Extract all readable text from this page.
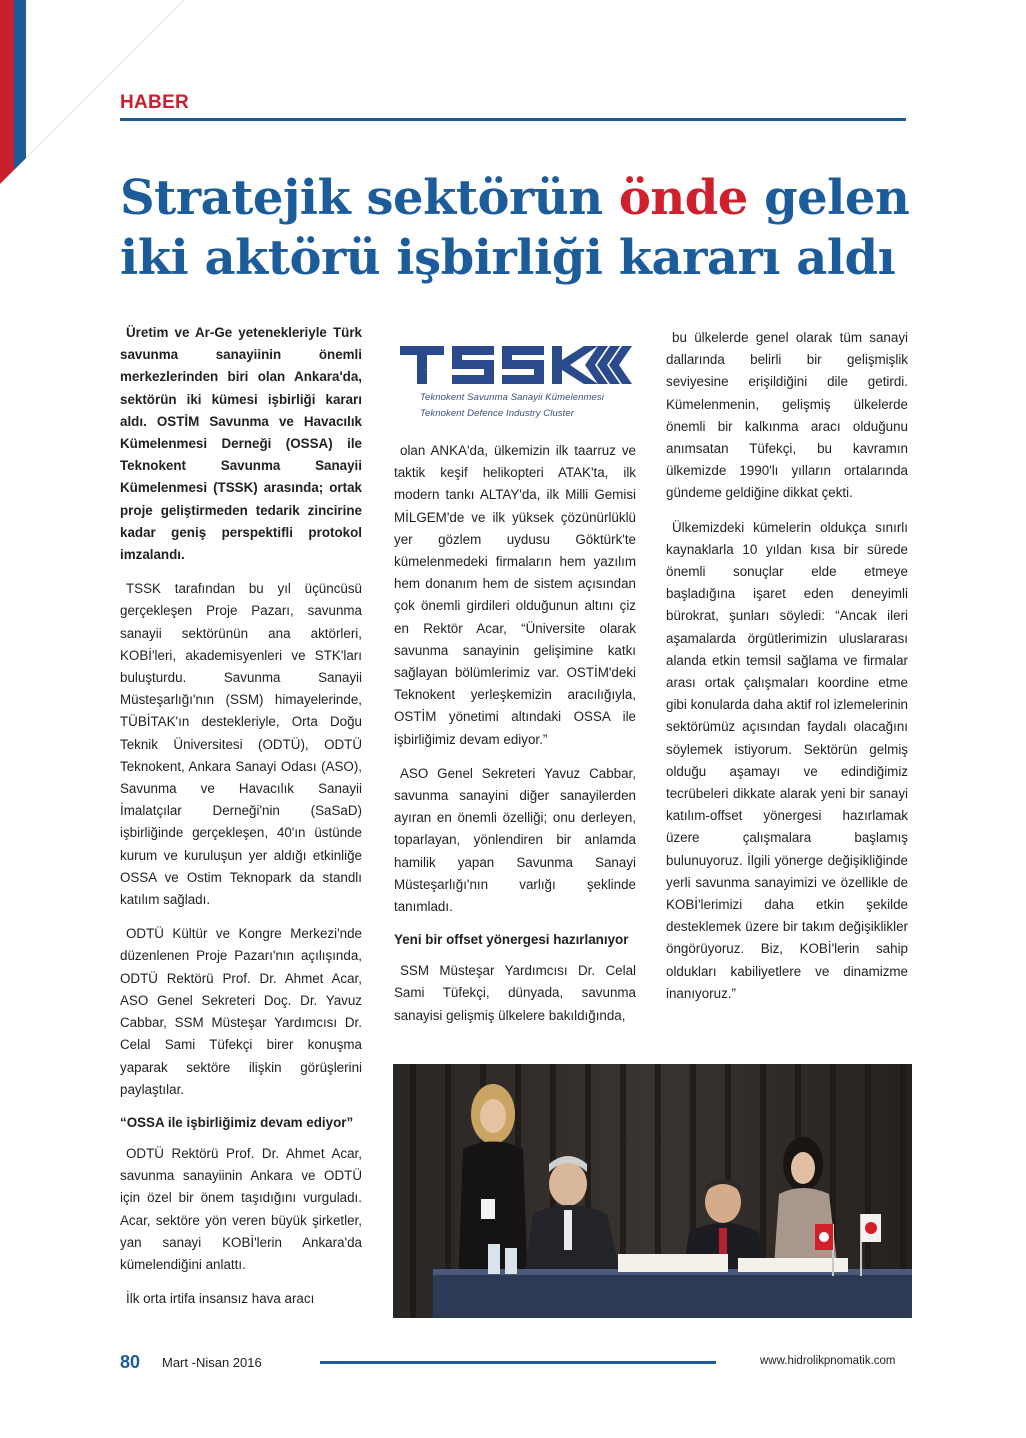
HABER
Stratejik sektörün önde gelen iki aktörü işbirliği kararı aldı

Üretim ve Ar-Ge yetenekleriyle Türk savunma sanayiinin önemli merkezlerinden biri olan Ankara'da, sektörün iki kümesi işbirliği kararı aldı. OSTİM Savunma ve Havacılık Kümelenmesi Derneği (OSSA) ile Teknokent Savunma Sanayii Kümelenmesi (TSSK) arasında; ortak proje geliştirmeden tedarik zincirine kadar geniş perspektifli protokol imzalandı.

TSSK tarafından bu yıl üçüncüsü gerçekleşen Proje Pazarı, savunma sanayii sektörünün ana aktörleri, KOBİ'leri, akademisyenleri ve STK'ları buluşturdu. Savunma Sanayii Müsteşarlığı'nın (SSM) himayelerinde, TÜBİTAK'ın destekleriyle, Orta Doğu Teknik Üniversitesi (ODTÜ), ODTÜ Teknokent, Ankara Sanayi Odası (ASO), Savunma ve Havacılık Sanayii İmalatçılar Derneği'nin (SaSaD) işbirliğinde gerçekleşen, 40'ın üstünde kurum ve kuruluşun yer aldığı etkinliğe OSSA ve Ostim Teknopark da standlı katılım sağladı.

ODTÜ Kültür ve Kongre Merkezi'nde düzenlenen Proje Pazarı'nın açılışında, ODTÜ Rektörü Prof. Dr. Ahmet Acar, ASO Genel Sekreteri Doç. Dr. Yavuz Cabbar, SSM Müsteşar Yardımcısı Dr. Celal Sami Tüfekçi birer konuşma yaparak sektöre ilişkin görüşlerini paylaştılar.

“OSSA ile işbirliğimiz devam ediyor”

ODTÜ Rektörü Prof. Dr. Ahmet Acar, savunma sanayiinin Ankara ve ODTÜ için özel bir önem taşıdığını vurguladı. Acar, sektöre yön veren büyük şirketler, yan sanayi KOBİ'lerin Ankara'da kümelendiğini anlattı.

İlk orta irtifa insansız hava aracı

TSSK
Teknokent Savunma Sanayii Kümelenmesi
Teknokent Defence Industry Cluster

olan ANKA'da, ülkemizin ilk taarruz ve taktik keşif helikopteri ATAK'ta, ilk modern tankı ALTAY'da, ilk Milli Gemisi MİLGEM'de ve ilk yüksek çözünürlüklü yer gözlem uydusu Göktürk'te kümelenmedeki firmaların hem yazılım hem donanım hem de sistem açısından çok önemli girdileri olduğunun altını çiz en Rektör Acar, “Üniversite olarak savunma sanayinin gelişimine katkı sağlayan bölümlerimiz var. OSTİM'deki Teknokent yerleşkemizin aracılığıyla, OSTİM yönetimi altındaki OSSA ile işbirliğimiz devam ediyor.”

ASO Genel Sekreteri Yavuz Cabbar, savunma sanayini diğer sanayilerden ayıran en önemli özelliği; onu derleyen, toparlayan, yönlendiren bir anlamda hamilik yapan Savunma Sanayi Müsteşarlığı'nın varlığı şeklinde tanımladı.

Yeni bir offset yönergesi hazırlanıyor

SSM Müsteşar Yardımcısı Dr. Celal Sami Tüfekçi, dünyada, savunma sanayisi gelişmiş ülkelere bakıldığında,

bu ülkelerde genel olarak tüm sanayi dallarında belirli bir gelişmişlik seviyesine erişildiğini dile getirdi. Kümelenmenin, gelişmiş ülkelerde önemli bir kalkınma aracı olduğunu anımsatan Tüfekçi, bu kavramın ülkemizde 1990'lı yılların ortalarında gündeme geldiğine dikkat çekti.

Ülkemizdeki kümelerin oldukça sınırlı kaynaklarla 10 yıldan kısa bir sürede önemli sonuçlar elde etmeye başladığına işaret eden deneyimli bürokrat, şunları söyledi: “Ancak ileri aşamalarda örgütlerimizin uluslararası alanda etkin temsil sağlama ve firmalar arası ortak çalışmaları koordine etme gibi konularda daha aktif rol izlemelerinin sektörümüz açısından faydalı olacağını söylemek istiyorum. Sektörün gelmiş olduğu aşamayı ve edindiğimiz tecrübeleri dikkate alarak yeni bir sanayi katılım-offset yönergesi hazırlamak üzere çalışmalara başlamış bulunuyoruz. İlgili yönerge değişikliğinde yerli savunma sanayimizi ve özellikle de KOBİ'lerimizi daha etkin şekilde desteklemek üzere bir takım değişiklikler öngörüyoruz. Biz, KOBİ'lerin sahip oldukları kabiliyetlere ve dinamizme inanıyoruz.”

80 Mart -Nisan 2016	www.hidrolikpnomatik.com
